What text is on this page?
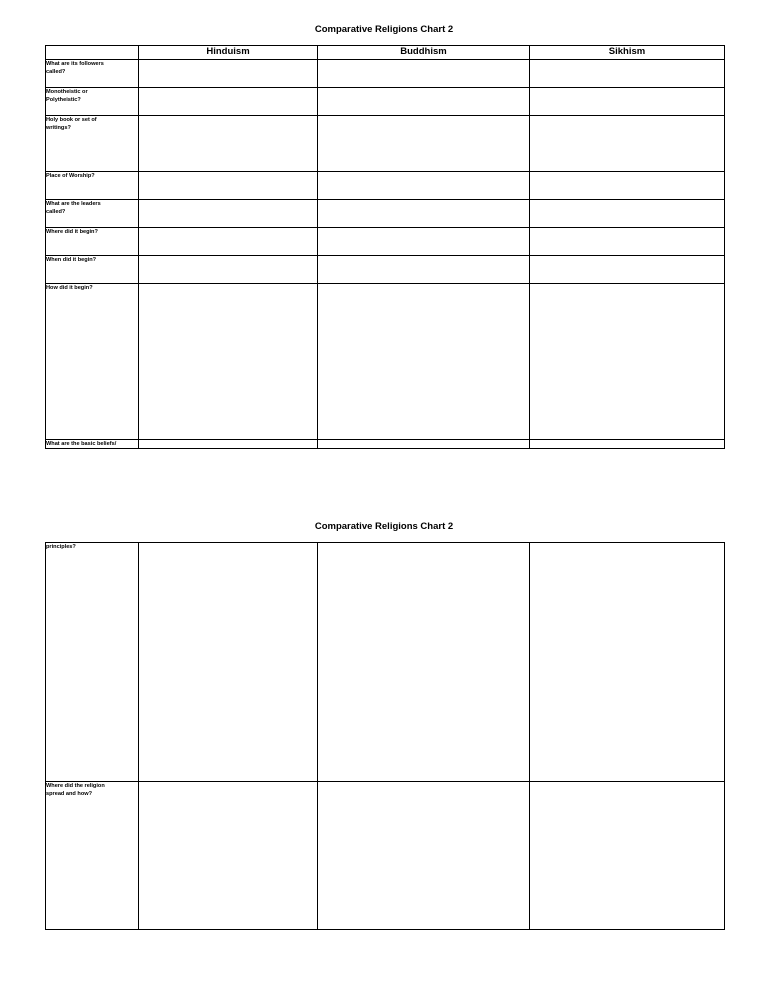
Comparative Religions Chart 2
	Hinduism	Buddhism	Sikhism

What are its followers
called?			

Monotheistic or
Polytheistic?			

Holy book or set of
writings?			

Place of Worship?			

What are the leaders
called?			

Where did it begin?			

When did it begin?			

How did it begin?			

What are the basic beliefs/			

Comparative Religions Chart 2
principles?			

Where did the religion
spread and how?			
